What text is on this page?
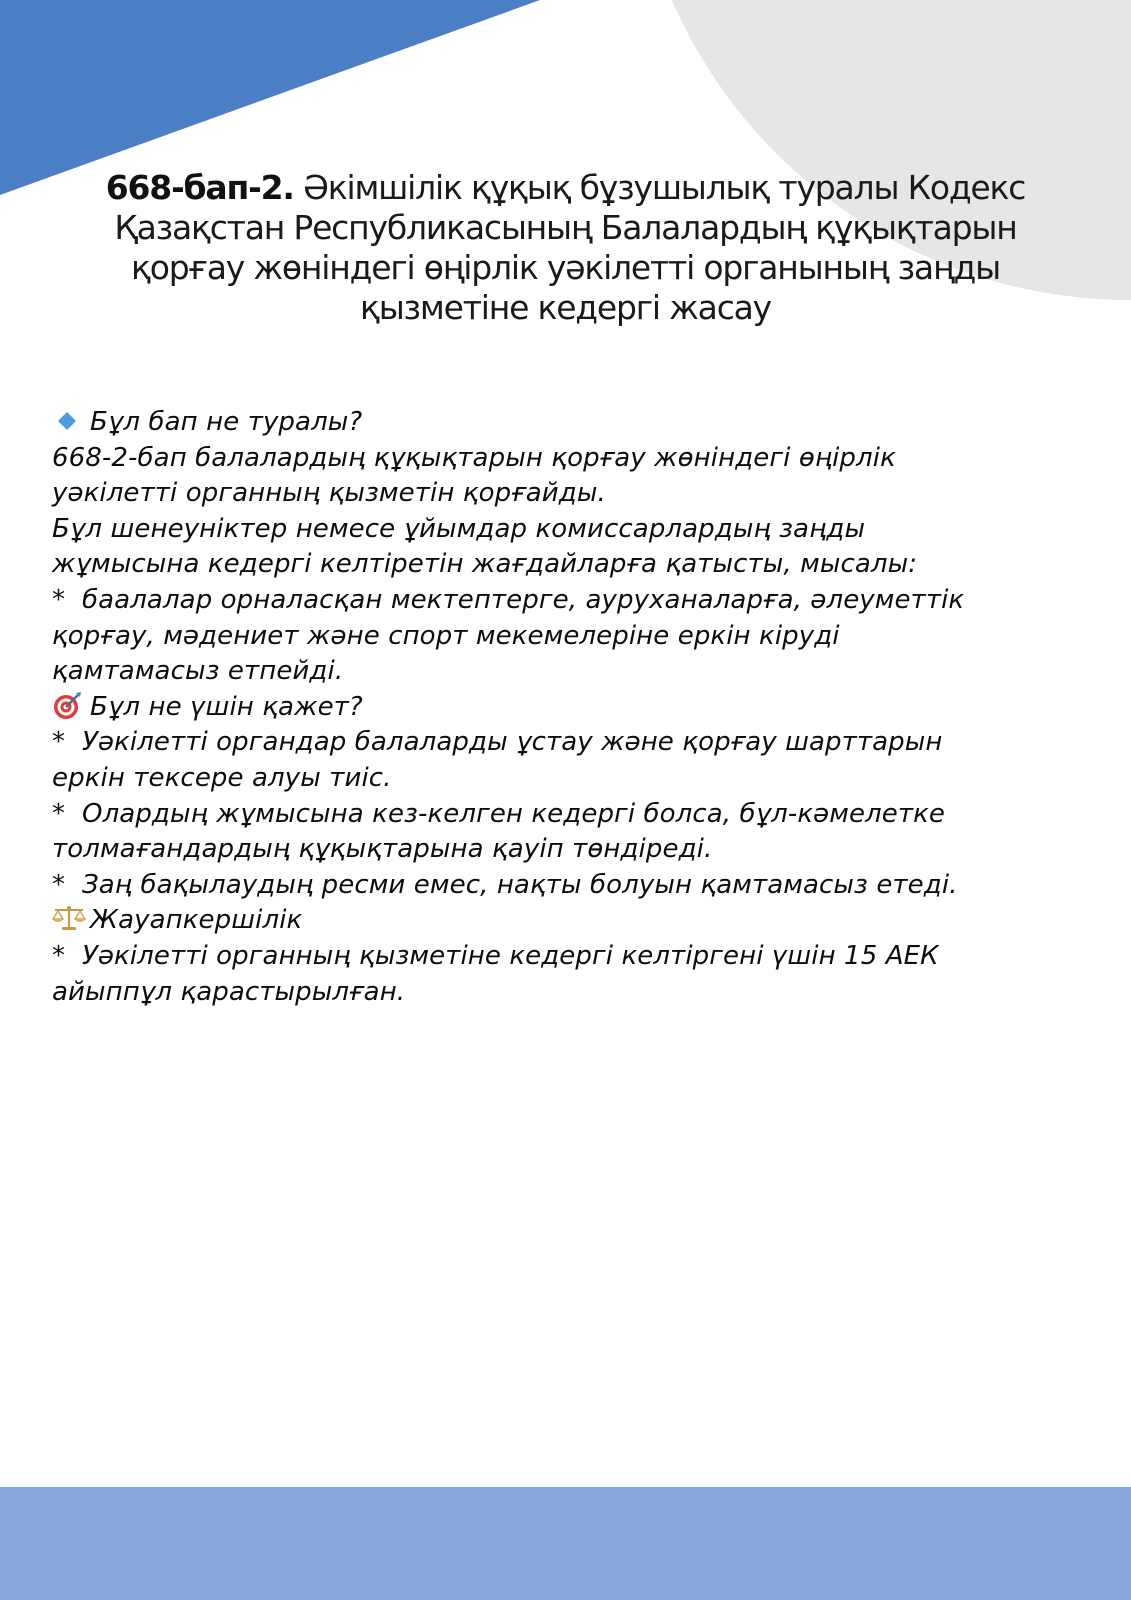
668-бап-2. Әкімшілік құқық бұзушылық туралы Кодекс
Қазақстан Республикасының Балалардың құқықтарын
қорғау жөніндегі өңірлік уәкілетті органының заңды
қызметіне кедергі жасау
Бұл бап не туралы?
668-2-бап балалардың құқықтарын қорғау жөніндегі өңірлік
уәкілетті органның қызметін қорғайды.
Бұл шенеуніктер немесе ұйымдар комиссарлардың заңды
жұмысына кедергі келтіретін жағдайларға қатысты, мысалы:
* баалалар орналасқан мектептерге, ауруханаларға, әлеуметтік
қорғау, мәдениет және спорт мекемелеріне еркін кіруді
қамтамасыз етпейді.
Бұл не үшін қажет?
* Уәкілетті органдар балаларды ұстау және қорғау шарттарын
еркін тексере алуы тиіс.
* Олардың жұмысына кез-келген кедергі болса, бұл-кәмелетке
толмағандардың құқықтарына қауіп төндіреді.
* Заң бақылаудың ресми емес, нақты болуын қамтамасыз етеді.
Жауапкершілік
* Уәкілетті органның қызметіне кедергі келтіргені үшін 15 АЕК
айыппұл қарастырылған.
